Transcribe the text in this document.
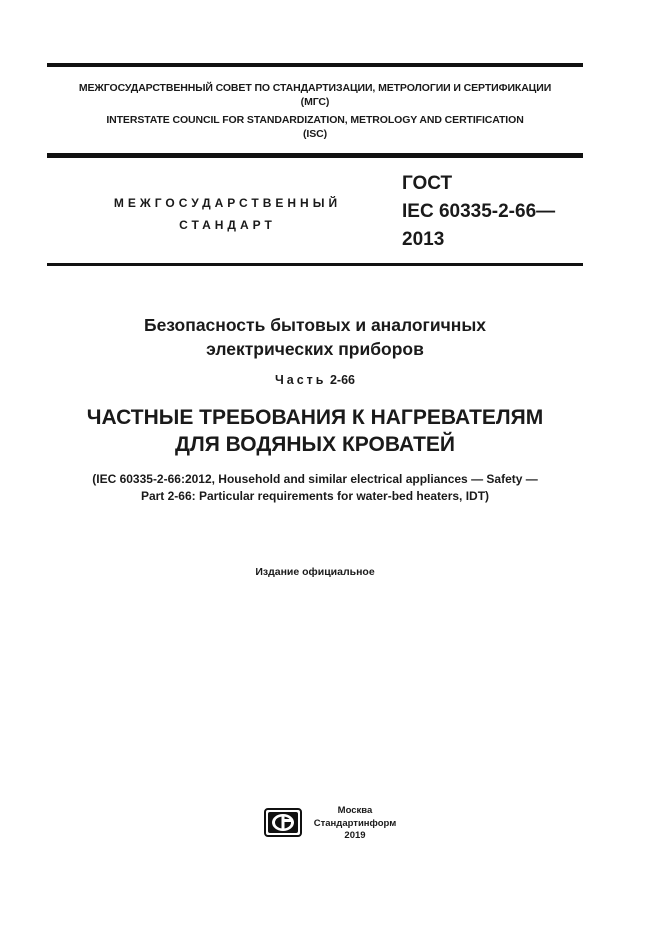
МЕЖГОСУДАРСТВЕННЫЙ СОВЕТ ПО СТАНДАРТИЗАЦИИ, МЕТРОЛОГИИ И СЕРТИФИКАЦИИ
(МГС)
INTERSTATE COUNCIL FOR STANDARDIZATION, METROLOGY AND CERTIFICATION
(ISC)
МЕЖГОСУДАРСТВЕННЫЙ
СТАНДАРТ
ГОСТ
IEC 60335-2-66—
2013
Безопасность бытовых и аналогичных
электрических приборов
Часть 2-66
ЧАСТНЫЕ ТРЕБОВАНИЯ К НАГРЕВАТЕЛЯМ
ДЛЯ ВОДЯНЫХ КРОВАТЕЙ
(IEC 60335-2-66:2012, Household and similar electrical appliances — Safety —
Part 2-66: Particular requirements for water-bed heaters, IDT)
Издание официальное
Москва
Стандартинформ
2019
